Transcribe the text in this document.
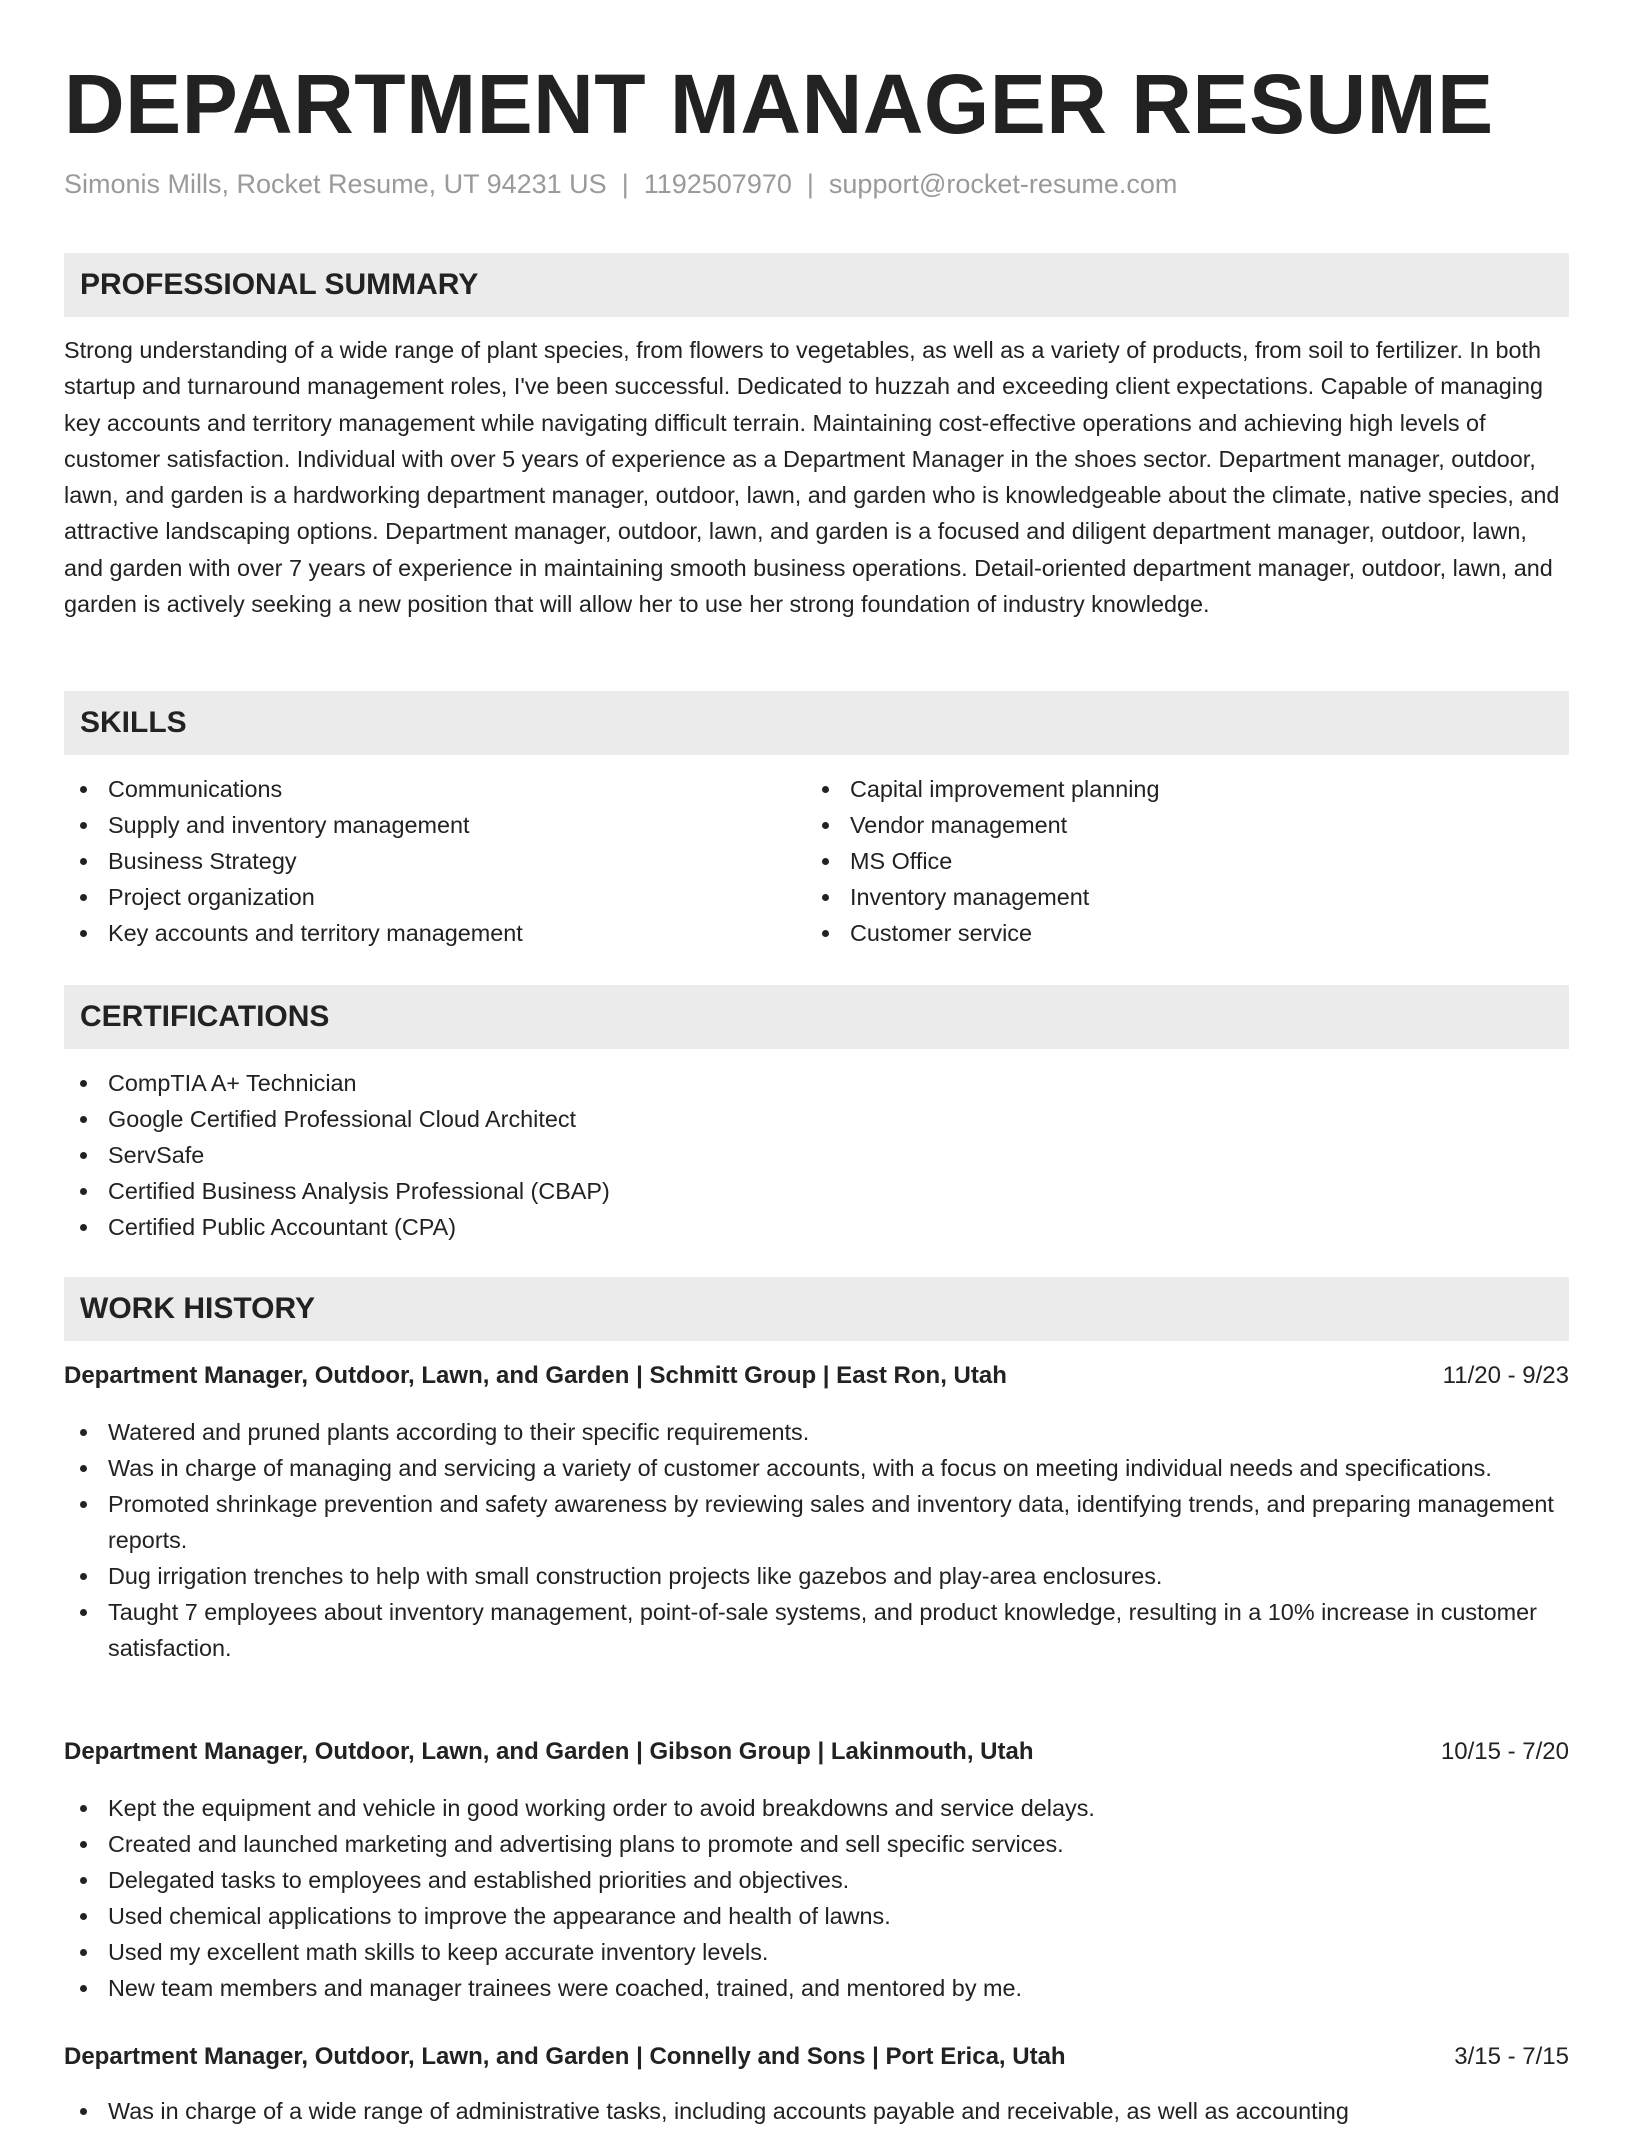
DEPARTMENT MANAGER RESUME
Simonis Mills, Rocket Resume, UT 94231 US | 1192507970 | support@rocket-resume.com
PROFESSIONAL SUMMARY

Strong understanding of a wide range of plant species, from flowers to vegetables, as well as a variety of products, from soil to fertilizer. In both startup and turnaround management roles, I've been successful. Dedicated to huzzah and exceeding client expectations. Capable of managing key accounts and territory management while navigating difficult terrain. Maintaining cost-effective operations and achieving high levels of customer satisfaction. Individual with over 5 years of experience as a Department Manager in the shoes sector. Department manager, outdoor, lawn, and garden is a hardworking department manager, outdoor, lawn, and garden who is knowledgeable about the climate, native species, and attractive landscaping options. Department manager, outdoor, lawn, and garden is a focused and diligent department manager, outdoor, lawn, and garden with over 7 years of experience in maintaining smooth business operations. Detail-oriented department manager, outdoor, lawn, and garden is actively seeking a new position that will allow her to use her strong foundation of industry knowledge.

SKILLS
Communications
Supply and inventory management
Business Strategy
Project organization
Key accounts and territory management
Capital improvement planning
Vendor management
MS Office
Inventory management
Customer service
CERTIFICATIONS
CompTIA A+ Technician
Google Certified Professional Cloud Architect
ServSafe
Certified Business Analysis Professional (CBAP)
Certified Public Accountant (CPA)
WORK HISTORY
Department Manager, Outdoor, Lawn, and Garden | Schmitt Group | East Ron, Utah	11/20 - 9/23
Watered and pruned plants according to their specific requirements.
Was in charge of managing and servicing a variety of customer accounts, with a focus on meeting individual needs and specifications.
Promoted shrinkage prevention and safety awareness by reviewing sales and inventory data, identifying trends, and preparing management reports.
Dug irrigation trenches to help with small construction projects like gazebos and play-area enclosures.
Taught 7 employees about inventory management, point-of-sale systems, and product knowledge, resulting in a 10% increase in customer satisfaction.
Department Manager, Outdoor, Lawn, and Garden | Gibson Group | Lakinmouth, Utah	10/15 - 7/20
Kept the equipment and vehicle in good working order to avoid breakdowns and service delays.
Created and launched marketing and advertising plans to promote and sell specific services.
Delegated tasks to employees and established priorities and objectives.
Used chemical applications to improve the appearance and health of lawns.
Used my excellent math skills to keep accurate inventory levels.
New team members and manager trainees were coached, trained, and mentored by me.
Department Manager, Outdoor, Lawn, and Garden | Connelly and Sons | Port Erica, Utah	3/15 - 7/15
Was in charge of a wide range of administrative tasks, including accounts payable and receivable, as well as accounting
